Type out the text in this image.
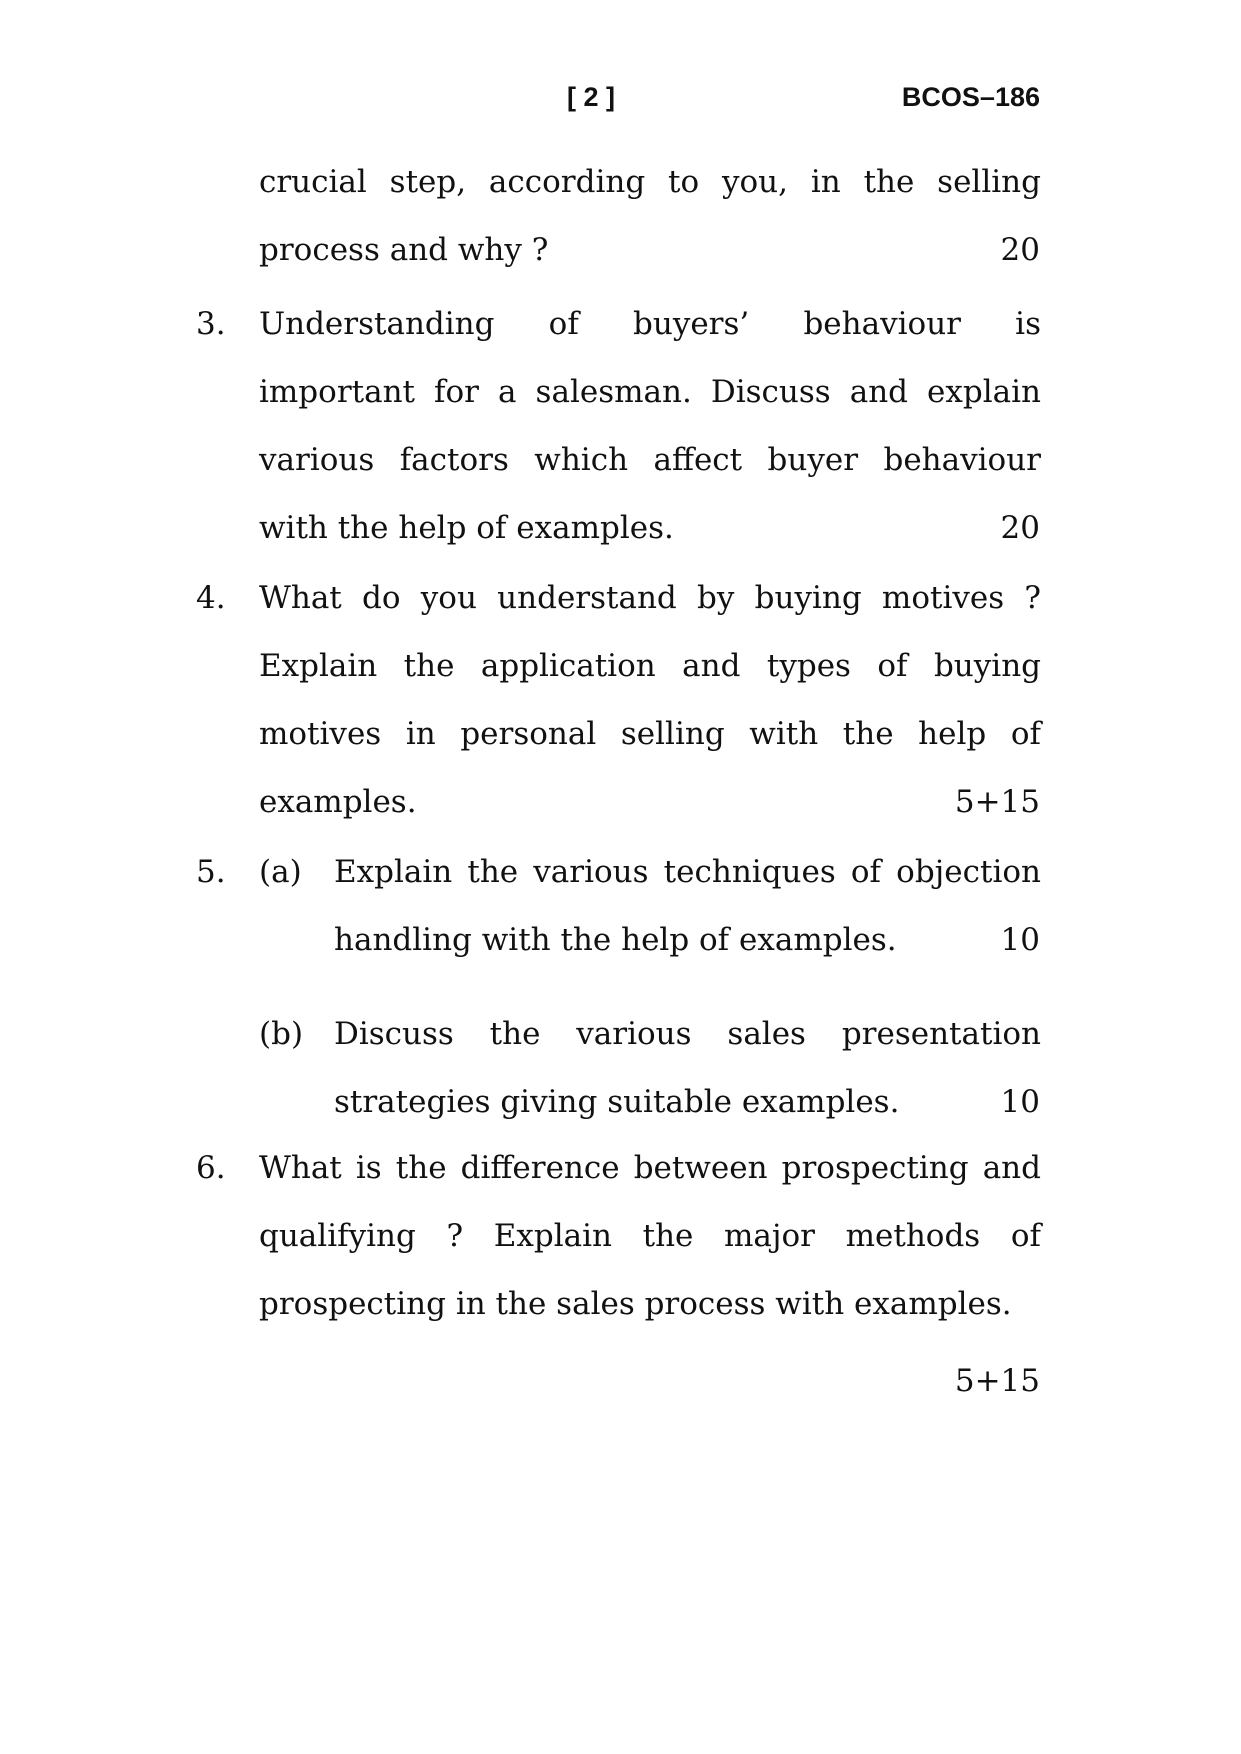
[ 2 ]	BCOS–186
crucial step, according to you, in the selling
process and why ?	20
3. Understanding of buyers’ behaviour is
important for a salesman. Discuss and explain
various factors which affect buyer behaviour
with the help of examples.	20
4. What do you understand by buying motives ?
Explain the application and types of buying
motives in personal selling with the help of
examples.	5+15
5. (a) Explain the various techniques of objection
handling with the help of examples.	10
(b) Discuss the various sales presentation
strategies giving suitable examples.	10
6. What is the difference between prospecting and
qualifying ? Explain the major methods of
prospecting in the sales process with examples.
5+15
